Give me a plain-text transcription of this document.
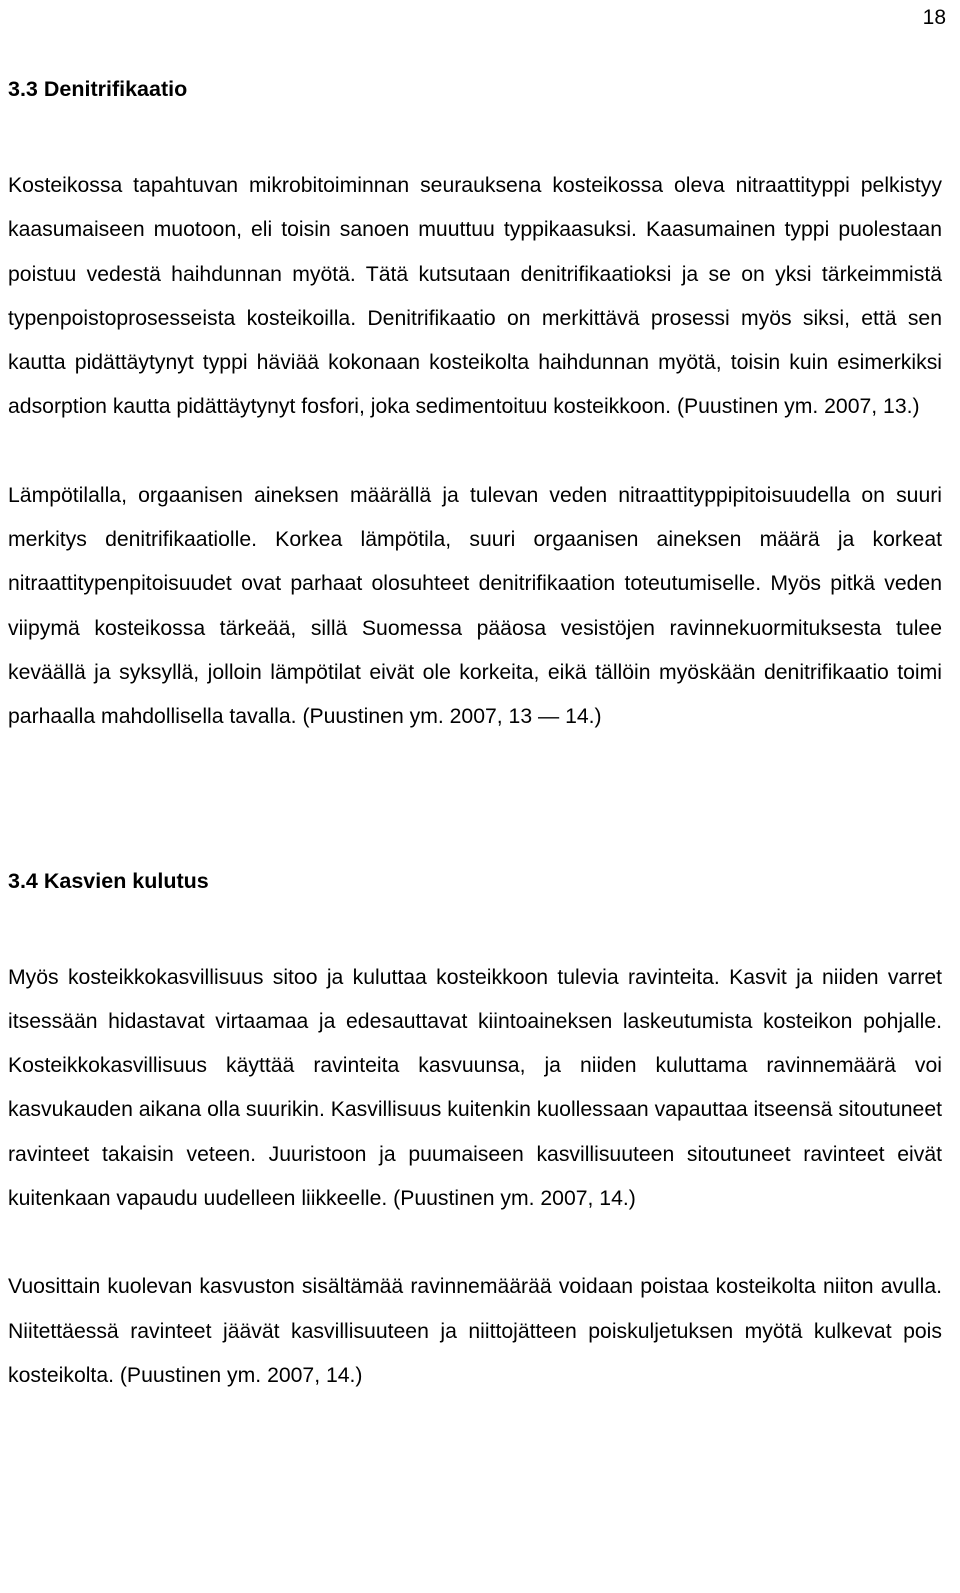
18
3.3 Denitrifikaatio

Kosteikossa tapahtuvan mikrobitoiminnan seurauksena kosteikossa oleva nitraattityppi pelkistyy kaasumaiseen muotoon, eli toisin sanoen muuttuu typpikaasuksi. Kaasumainen typpi puolestaan poistuu vedestä haihdunnan myötä. Tätä kutsutaan denitrifikaatioksi ja se on yksi tärkeimmistä typenpoistoprosesseista kosteikoilla. Denitrifikaatio on merkittävä prosessi myös siksi, että sen kautta pidättäytynyt typpi häviää kokonaan kosteikolta haihdunnan myötä, toisin kuin esimerkiksi adsorption kautta pidättäytynyt fosfori, joka sedimentoituu kosteikkoon. (Puustinen ym. 2007, 13.)

Lämpötilalla, orgaanisen aineksen määrällä ja tulevan veden nitraattityppipitoisuudella on suuri merkitys denitrifikaatiolle. Korkea lämpötila, suuri orgaanisen aineksen määrä ja korkeat nitraattitypenpitoisuudet ovat parhaat olosuhteet denitrifikaation toteutumiselle. Myös pitkä veden viipymä kosteikossa tärkeää, sillä Suomessa pääosa vesistöjen ravinnekuormituksesta tulee keväällä ja syksyllä, jolloin lämpötilat eivät ole korkeita, eikä tällöin myöskään denitrifikaatio toimi parhaalla mahdollisella tavalla. (Puustinen ym. 2007, 13 — 14.)

3.4 Kasvien kulutus

Myös kosteikkokasvillisuus sitoo ja kuluttaa kosteikkoon tulevia ravinteita. Kasvit ja niiden varret itsessään hidastavat virtaamaa ja edesauttavat kiintoaineksen laskeutumista kosteikon pohjalle. Kosteikkokasvillisuus käyttää ravinteita kasvuunsa, ja niiden kuluttama ravinnemäärä voi kasvukauden aikana olla suurikin. Kasvillisuus kuitenkin kuollessaan vapauttaa itseensä sitoutuneet ravinteet takaisin veteen. Juuristoon ja puumaiseen kasvillisuuteen sitoutuneet ravinteet eivät kuitenkaan vapaudu uudelleen liikkeelle. (Puustinen ym. 2007, 14.)

Vuosittain kuolevan kasvuston sisältämää ravinnemäärää voidaan poistaa kosteikolta niiton avulla. Niitettäessä ravinteet jäävät kasvillisuuteen ja niittojätteen poiskuljetuksen myötä kulkevat pois kosteikolta. (Puustinen ym. 2007, 14.)
